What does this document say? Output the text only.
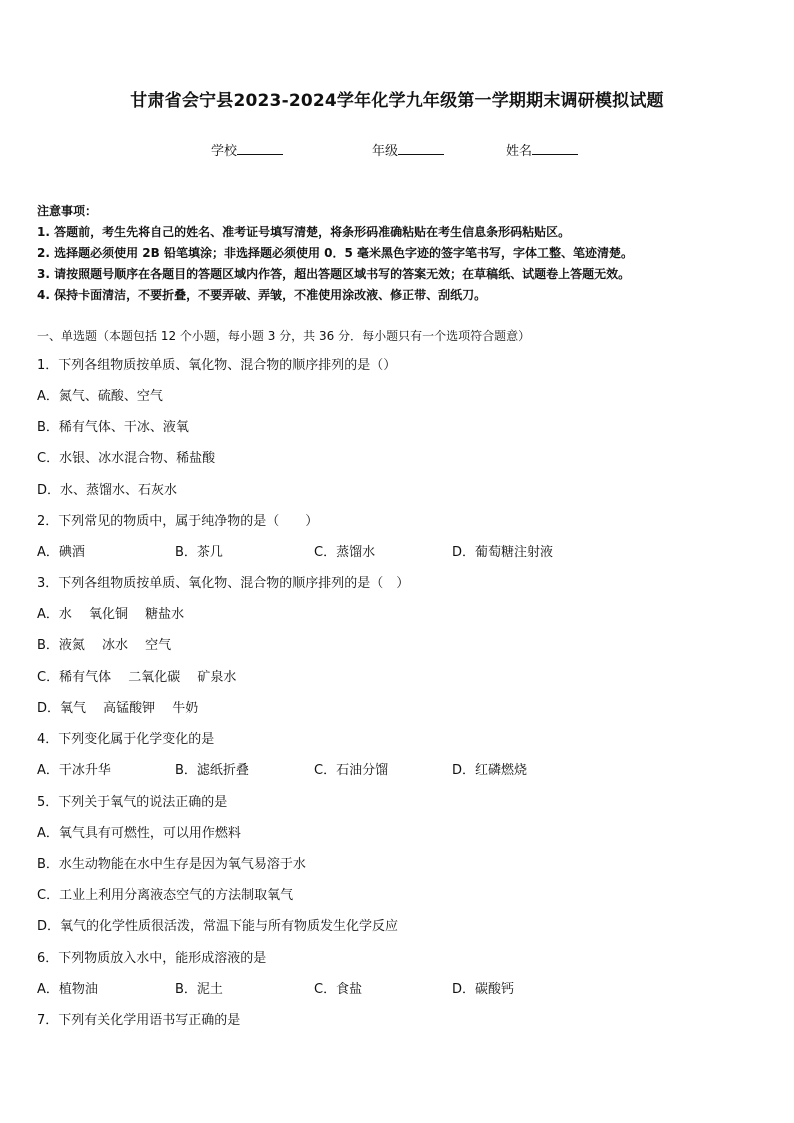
甘肃省会宁县2023-2024学年化学九年级第一学期期末调研模拟试题
学校	年级	姓名
注意事项：
1. 答题前，考生先将自己的姓名、准考证号填写清楚，将条形码准确粘贴在考生信息条形码粘贴区。
2. 选择题必须使用 2B 铅笔填涂；非选择题必须使用 0．5 毫米黑色字迹的签字笔书写，字体工整、笔迹清楚。
3. 请按照题号顺序在各题目的答题区域内作答，超出答题区域书写的答案无效；在草稿纸、试题卷上答题无效。
4. 保持卡面清洁，不要折叠，不要弄破、弄皱，不准使用涂改液、修正带、刮纸刀。
一、单选题（本题包括 12 个小题，每小题 3 分，共 36 分．每小题只有一个选项符合题意）
1．下列各组物质按单质、氧化物、混合物的顺序排列的是（）
A．氮气、硫酸、空气
B．稀有气体、干冰、液氧
C．水银、冰水混合物、稀盐酸
D．水、蒸馏水、石灰水
2．下列常见的物质中，属于纯净物的是（　　）
A．碘酒	B．茶几	C．蒸馏水	D．葡萄糖注射液
3．下列各组物质按单质、氧化物、混合物的顺序排列的是（　）
A．水　 氧化铜　 糖盐水
B．液氮　 冰水　 空气
C．稀有气体　 二氧化碳　 矿泉水
D．氧气　 高锰酸钾　 牛奶
4．下列变化属于化学变化的是
A．干冰升华	B．滤纸折叠	C．石油分馏	D．红磷燃烧
5．下列关于氧气的说法正确的是
A．氧气具有可燃性，可以用作燃料
B．水生动物能在水中生存是因为氧气易溶于水
C．工业上利用分离液态空气的方法制取氧气
D．氧气的化学性质很活泼，常温下能与所有物质发生化学反应
6．下列物质放入水中，能形成溶液的是
A．植物油	B．泥土	C．食盐	D．碳酸钙
7．下列有关化学用语书写正确的是
